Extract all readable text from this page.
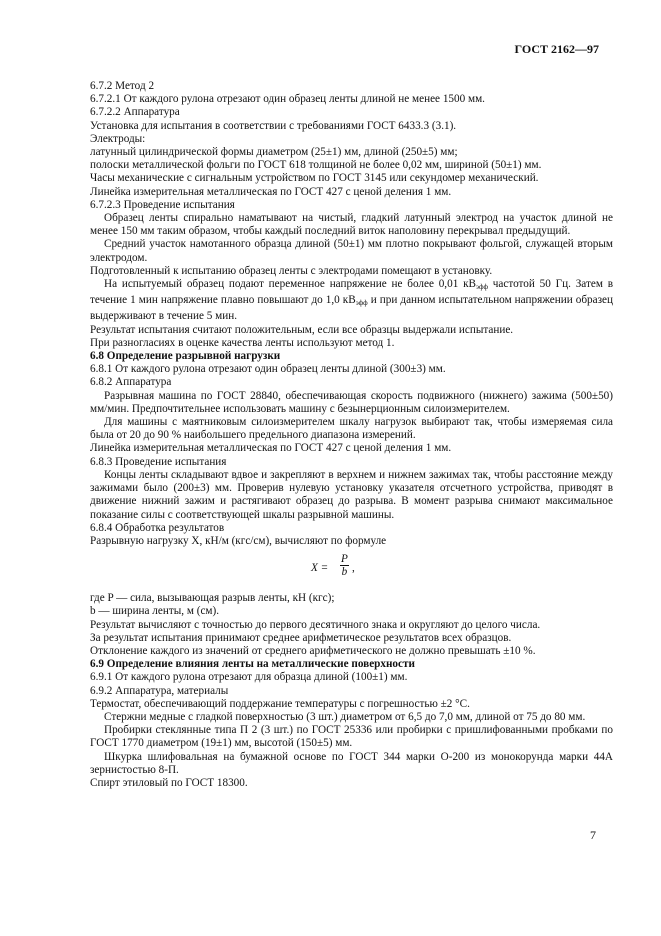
ГОСТ 2162—97

6.7.2 Метод 2

6.7.2.1 От каждого рулона отрезают один образец ленты длиной не менее 1500 мм.

6.7.2.2 Аппаратура

Установка для испытания в соответствии с требованиями ГОСТ 6433.3 (3.1).

Электроды:

латунный цилиндрической формы диаметром (25±1) мм, длиной (250±5) мм;

полоски металлической фольги по ГОСТ 618 толщиной не более 0,02 мм, шириной (50±1) мм.

Часы механические с сигнальным устройством по ГОСТ 3145 или секундомер механический.

Линейка измерительная металлическая по ГОСТ 427 с ценой деления 1 мм.

6.7.2.3 Проведение испытания

Образец ленты спирально наматывают на чистый, гладкий латунный электрод на участок длиной не менее 150 мм таким образом, чтобы каждый последний виток наполовину перекрывал предыдущий.

Средний участок намотанного образца длиной (50±1) мм плотно покрывают фольгой, служащей вторым электродом.

Подготовленный к испытанию образец ленты с электродами помещают в установку.

На испытуемый образец подают переменное напряжение не более 0,01 $кВ_{эфф}$ частотой 50 Гц. Затем в течение 1 мин напряжение плавно повышают до 1,0 $кВ_{эфф}$ и при данном испытательном напряжении образец выдерживают в течение 5 мин.

Результат испытания считают положительным, если все образцы выдержали испытание.

При разногласиях в оценке качества ленты используют метод 1.

6.8 Определение разрывной нагрузки

6.8.1 От каждого рулона отрезают один образец ленты длиной (300±3) мм.

6.8.2 Аппаратура

Разрывная машина по ГОСТ 28840, обеспечивающая скорость подвижного (нижнего) зажима (500±50) мм/мин. Предпочтительнее использовать машину с безынерционным силоизмерителем.

Для машины с маятниковым силоизмерителем шкалу нагрузок выбирают так, чтобы измеряемая сила была от 20 до 90 % наибольшего предельного диапазона измерений.

Линейка измерительная металлическая по ГОСТ 427 с ценой деления 1 мм.

6.8.3 Проведение испытания

Концы ленты складывают вдвое и закрепляют в верхнем и нижнем зажимах так, чтобы расстояние между зажимами было (200±3) мм. Проверив нулевую установку указателя отсчетного устройства, приводят в движение нижний зажим и растягивают образец до разрыва. В момент разрыва снимают максимальное показание силы с соответствующей шкалы разрывной машины.

6.8.4 Обработка результатов

Разрывную нагрузку X, кН/м (кгс/см), вычисляют по формуле

$X = \frac{P}{b}$ ,

где P — сила, вызывающая разрыв ленты, кН (кгс);

b — ширина ленты, м (см).

Результат вычисляют с точностью до первого десятичного знака и округляют до целого числа.

За результат испытания принимают среднее арифметическое результатов всех образцов.

Отклонение каждого из значений от среднего арифметического не должно превышать ±10 %.

6.9 Определение влияния ленты на металлические поверхности

6.9.1 От каждого рулона отрезают для образца длиной (100±1) мм.

6.9.2 Аппаратура, материалы

Термостат, обеспечивающий поддержание температуры с погрешностью ±2 °С.

Стержни медные с гладкой поверхностью (3 шт.) диаметром от 6,5 до 7,0 мм, длиной от 75 до 80 мм.

Пробирки стеклянные типа П 2 (3 шт.) по ГОСТ 25336 или пробирки с пришлифованными пробками по ГОСТ 1770 диаметром (19±1) мм, высотой (150±5) мм.

Шкурка шлифовальная на бумажной основе по ГОСТ 344 марки О-200 из монокорунда марки 44А зернистостью 8-П.

Спирт этиловый по ГОСТ 18300.

7
